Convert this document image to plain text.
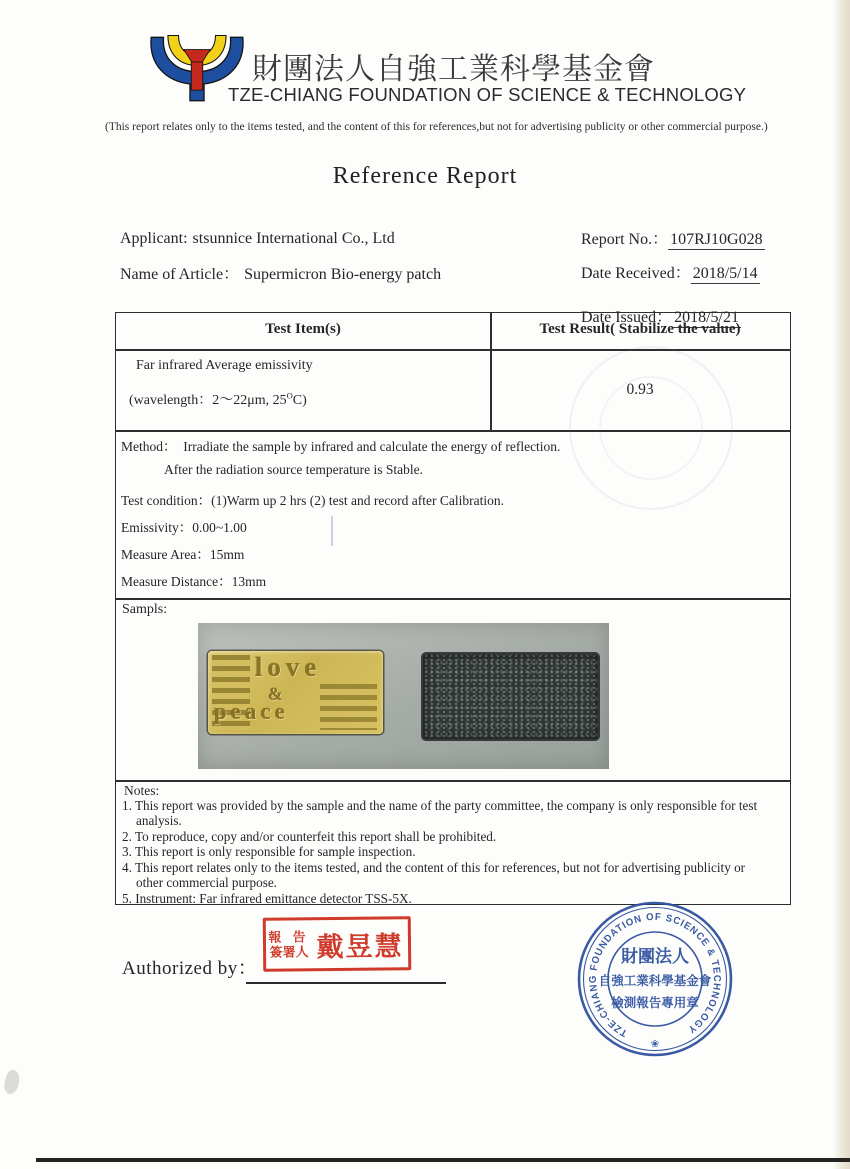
財團法人自強工業科學基金會
TZE-CHIANG FOUNDATION OF SCIENCE & TECHNOLOGY
(This report relates only to the items tested, and the content of this for references,but not for advertising publicity or other commercial purpose.)
Reference Report
Applicant: stsunnice International Co., Ltd
Name of Article： Supermicron Bio-energy patch
Report No.： 107RJ10G028
Date Received： 2018/5/14
Date Issued： 2018/5/21
Test Item(s)	Test Result( Stabilize the value)
Far infrared Average emissivity
(wavelength：2～22μm, $25^OC$)
0.93
Method：  Irradiate the sample by infrared and calculate the energy of reflection.
After the radiation source temperature is Stable.
Test condition：(1)Warm up 2 hrs (2) test and record after Calibration.
Emissivity：0.00~1.00
Measure Area：15mm
Measure Distance：13mm
Sampls:
love
&
peace
Notes:
1. This report was provided by the sample and the name of the party committee, the company is only responsible for test
analysis.
2. To reproduce, copy and/or counterfeit this report shall be prohibited.
3. This report is only responsible for sample inspection.
4. This report relates only to the items tested, and the content of this for references, but not for advertising publicity or
other commercial purpose.
5. Instrument: Far infrared emittance detector TSS-5X.
Authorized by：
報 告
簽署人 戴昱慧
TZE-CHIANG FOUNDATION OF SCIENCE & TECHNOLOGY
❀
財團法人
自強工業科學基金會
檢測報告專用章
